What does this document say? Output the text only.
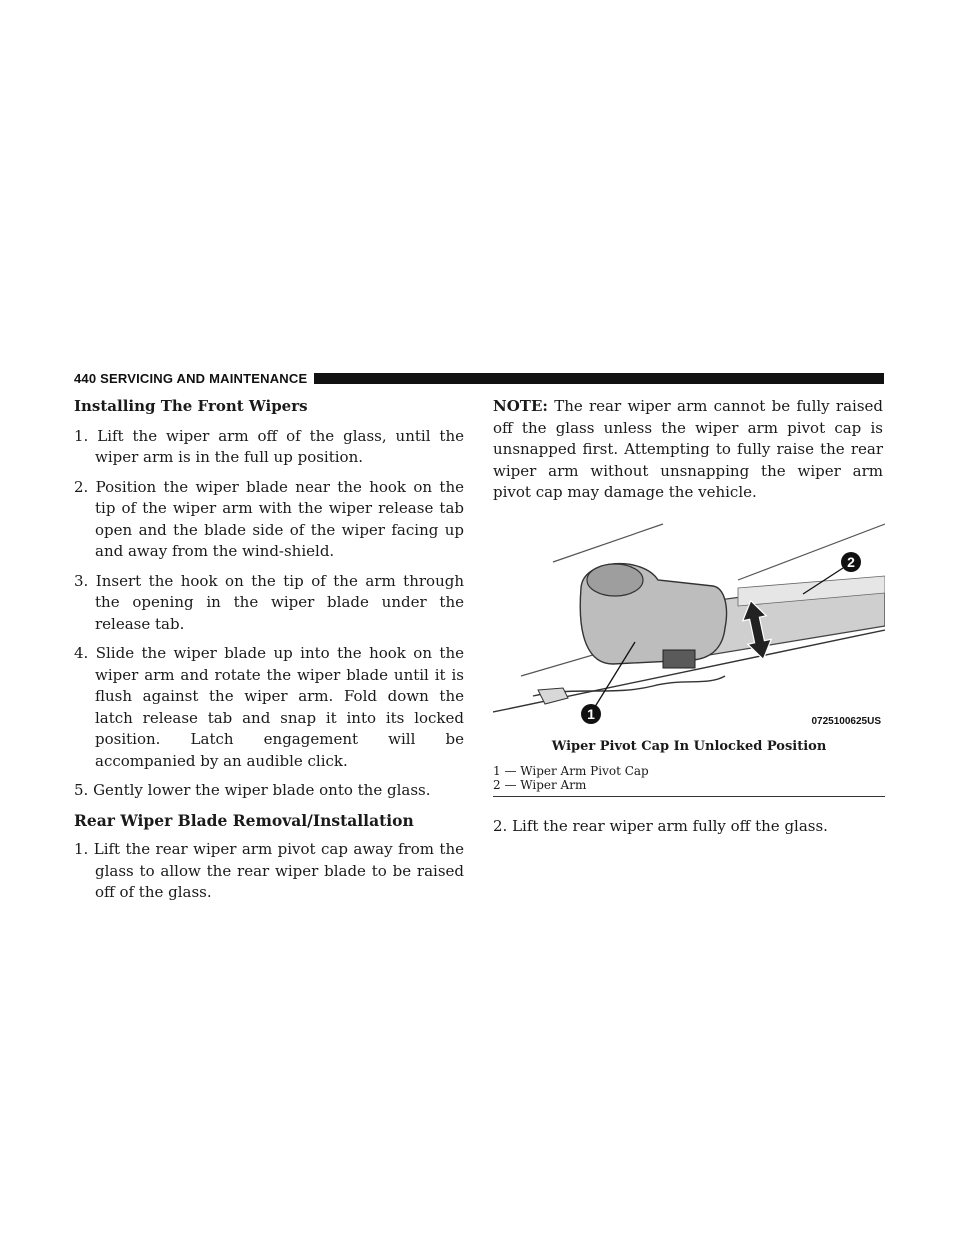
440 SERVICING AND MAINTENANCE
Installing The Front Wipers
1. Lift the wiper arm off of the glass, until the wiper arm is in the full up position.
2. Position the wiper blade near the hook on the tip of the wiper arm with the wiper release tab open and the blade side of the wiper facing up and away from the wind-shield.
3. Insert the hook on the tip of the arm through the opening in the wiper blade under the release tab.
4. Slide the wiper blade up into the hook on the wiper arm and rotate the wiper blade until it is flush against the wiper arm. Fold down the latch release tab and snap it into its locked position. Latch engagement will be accompanied by an audible click.
5. Gently lower the wiper blade onto the glass.
Rear Wiper Blade Removal/Installation
1. Lift the rear wiper arm pivot cap away from the glass to allow the rear wiper blade to be raised off of the glass.

NOTE: The rear wiper arm cannot be fully raised off the glass unless the wiper arm pivot cap is unsnapped first. Attempting to fully raise the rear wiper arm without unsnapping the wiper arm pivot cap may damage the vehicle.

1
2
0725100625US
Wiper Pivot Cap In Unlocked Position
1 — Wiper Arm Pivot Cap
2 — Wiper Arm
2. Lift the rear wiper arm fully off the glass.
